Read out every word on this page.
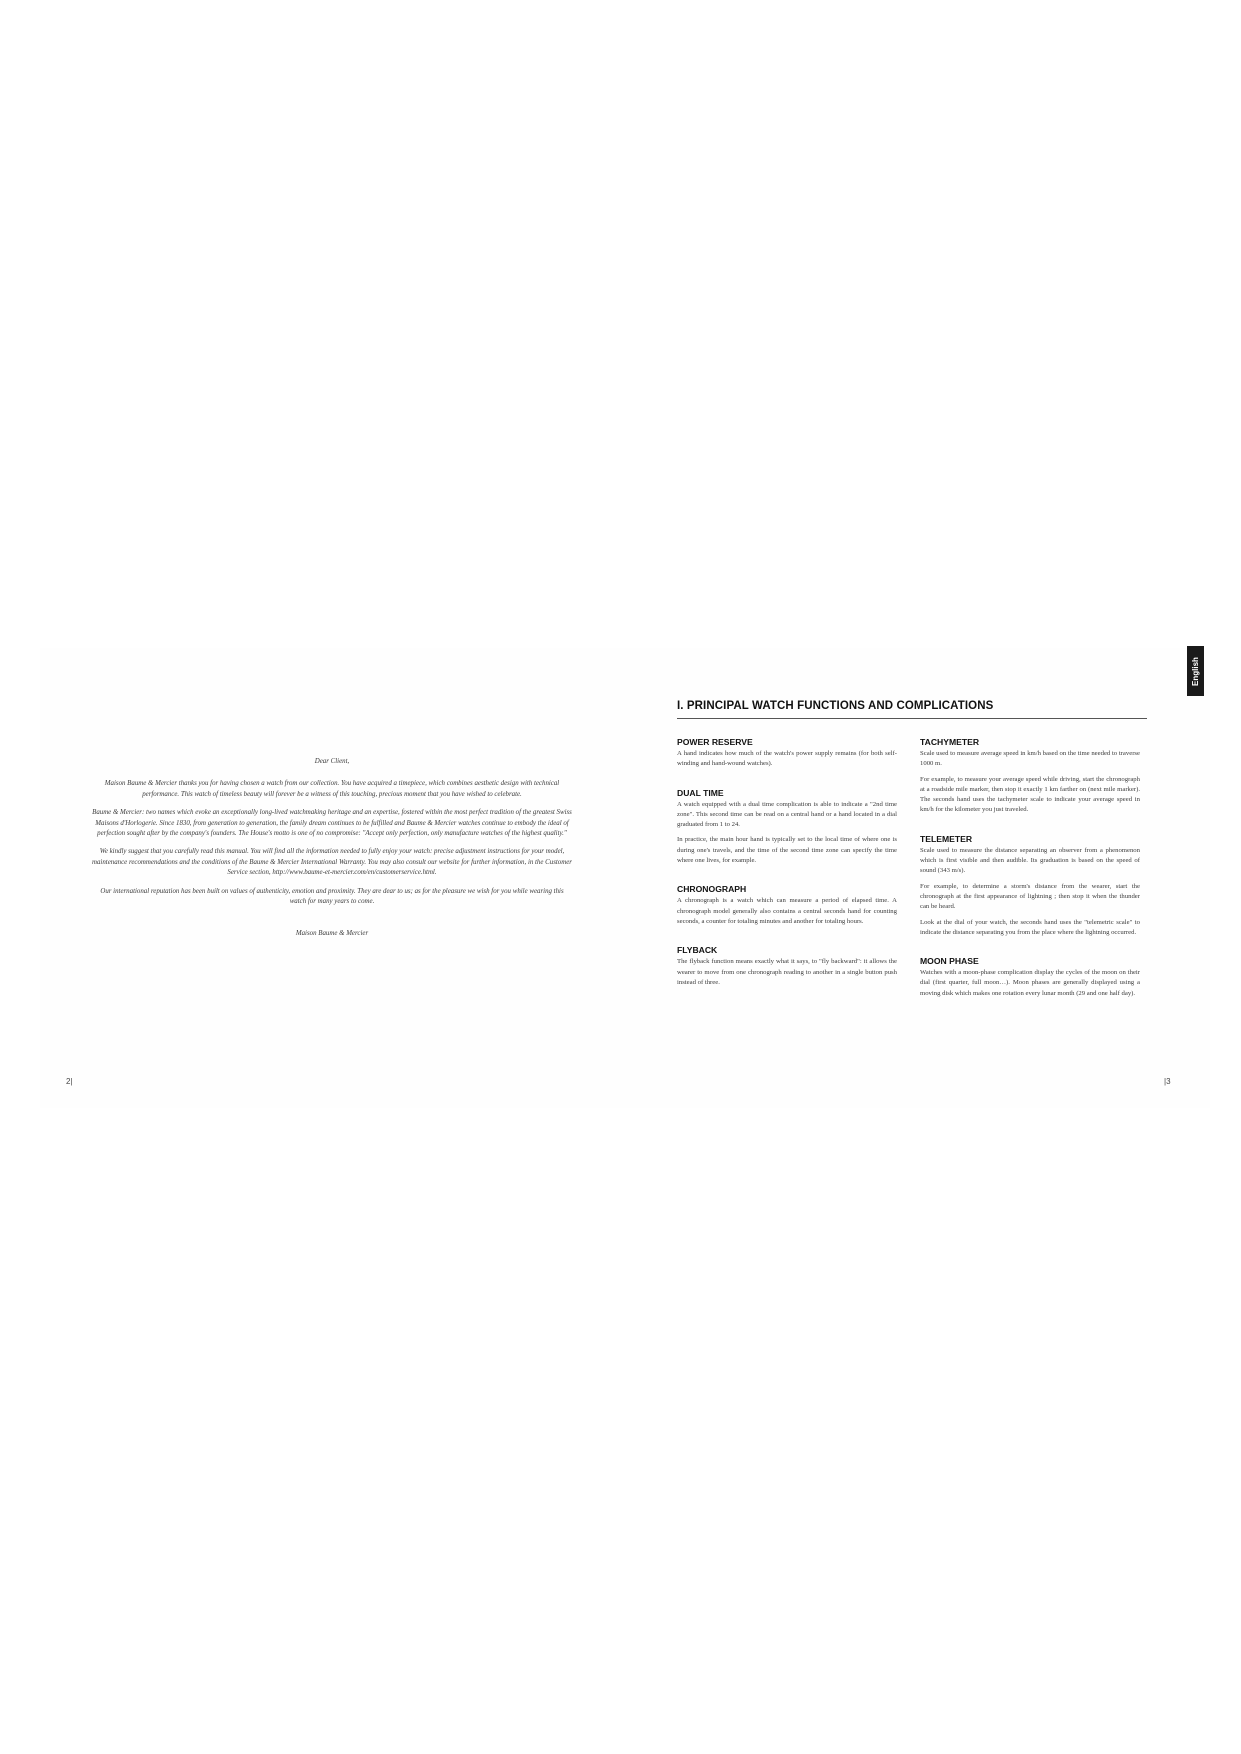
Dear Client,

Maison Baume & Mercier thanks you for having chosen a watch from our collection. You have acquired a timepiece, which combines aesthetic design with technical performance. This watch of timeless beauty will forever be a witness of this touching, precious moment that you have wished to celebrate.

Baume & Mercier: two names which evoke an exceptionally long-lived watchmaking heritage and an expertise, fostered within the most perfect tradition of the greatest Swiss Maisons d'Horlogerie. Since 1830, from generation to generation, the family dream continues to be fulfilled and Baume & Mercier watches continue to embody the ideal of perfection sought after by the company's founders. The House's motto is one of no compromise: "Accept only perfection, only manufacture watches of the highest quality."

We kindly suggest that you carefully read this manual. You will find all the information needed to fully enjoy your watch: precise adjustment instructions for your model, maintenance recommendations and the conditions of the Baume & Mercier International Warranty. You may also consult our website for further information, in the Customer Service section, http://www.baume-et-mercier.com/en/customerservice.html.

Our international reputation has been built on values of authenticity, emotion and proximity. They are dear to us; as for the pleasure we wish for you while wearing this watch for many years to come.

Maison Baume & Mercier

2|
English
I. PRINCIPAL WATCH FUNCTIONS AND COMPLICATIONS
POWER RESERVE

A hand indicates how much of the watch's power supply remains (for both self-winding and hand-wound watches).

DUAL TIME

A watch equipped with a dual time complication is able to indicate a "2nd time zone". This second time can be read on a central hand or a hand located in a dial graduated from 1 to 24.

In practice, the main hour hand is typically set to the local time of where one is during one's travels, and the time of the second time zone can specify the time where one lives, for example.

CHRONOGRAPH

A chronograph is a watch which can measure a period of elapsed time. A chronograph model generally also contains a central seconds hand for counting seconds, a counter for totaling minutes and another for totaling hours.

FLYBACK

The flyback function means exactly what it says, to "fly backward": it allows the wearer to move from one chronograph reading to another in a single button push instead of three.

TACHYMETER

Scale used to measure average speed in km/h based on the time needed to traverse 1000 m.

For example, to measure your average speed while driving, start the chronograph at a roadside mile marker, then stop it exactly 1 km farther on (next mile marker). The seconds hand uses the tachymeter scale to indicate your average speed in km/h for the kilometer you just traveled.

TELEMETER

Scale used to measure the distance separating an observer from a phenomenon which is first visible and then audible. Its graduation is based on the speed of sound (343 m/s).

For example, to determine a storm's distance from the wearer, start the chronograph at the first appearance of lightning ; then stop it when the thunder can be heard.

Look at the dial of your watch, the seconds hand uses the "telemetric scale" to indicate the distance separating you from the place where the lightning occurred.

MOON PHASE

Watches with a moon-phase complication display the cycles of the moon on their dial (first quarter, full moon…). Moon phases are generally displayed using a moving disk which makes one rotation every lunar month (29 and one half day).

|3
